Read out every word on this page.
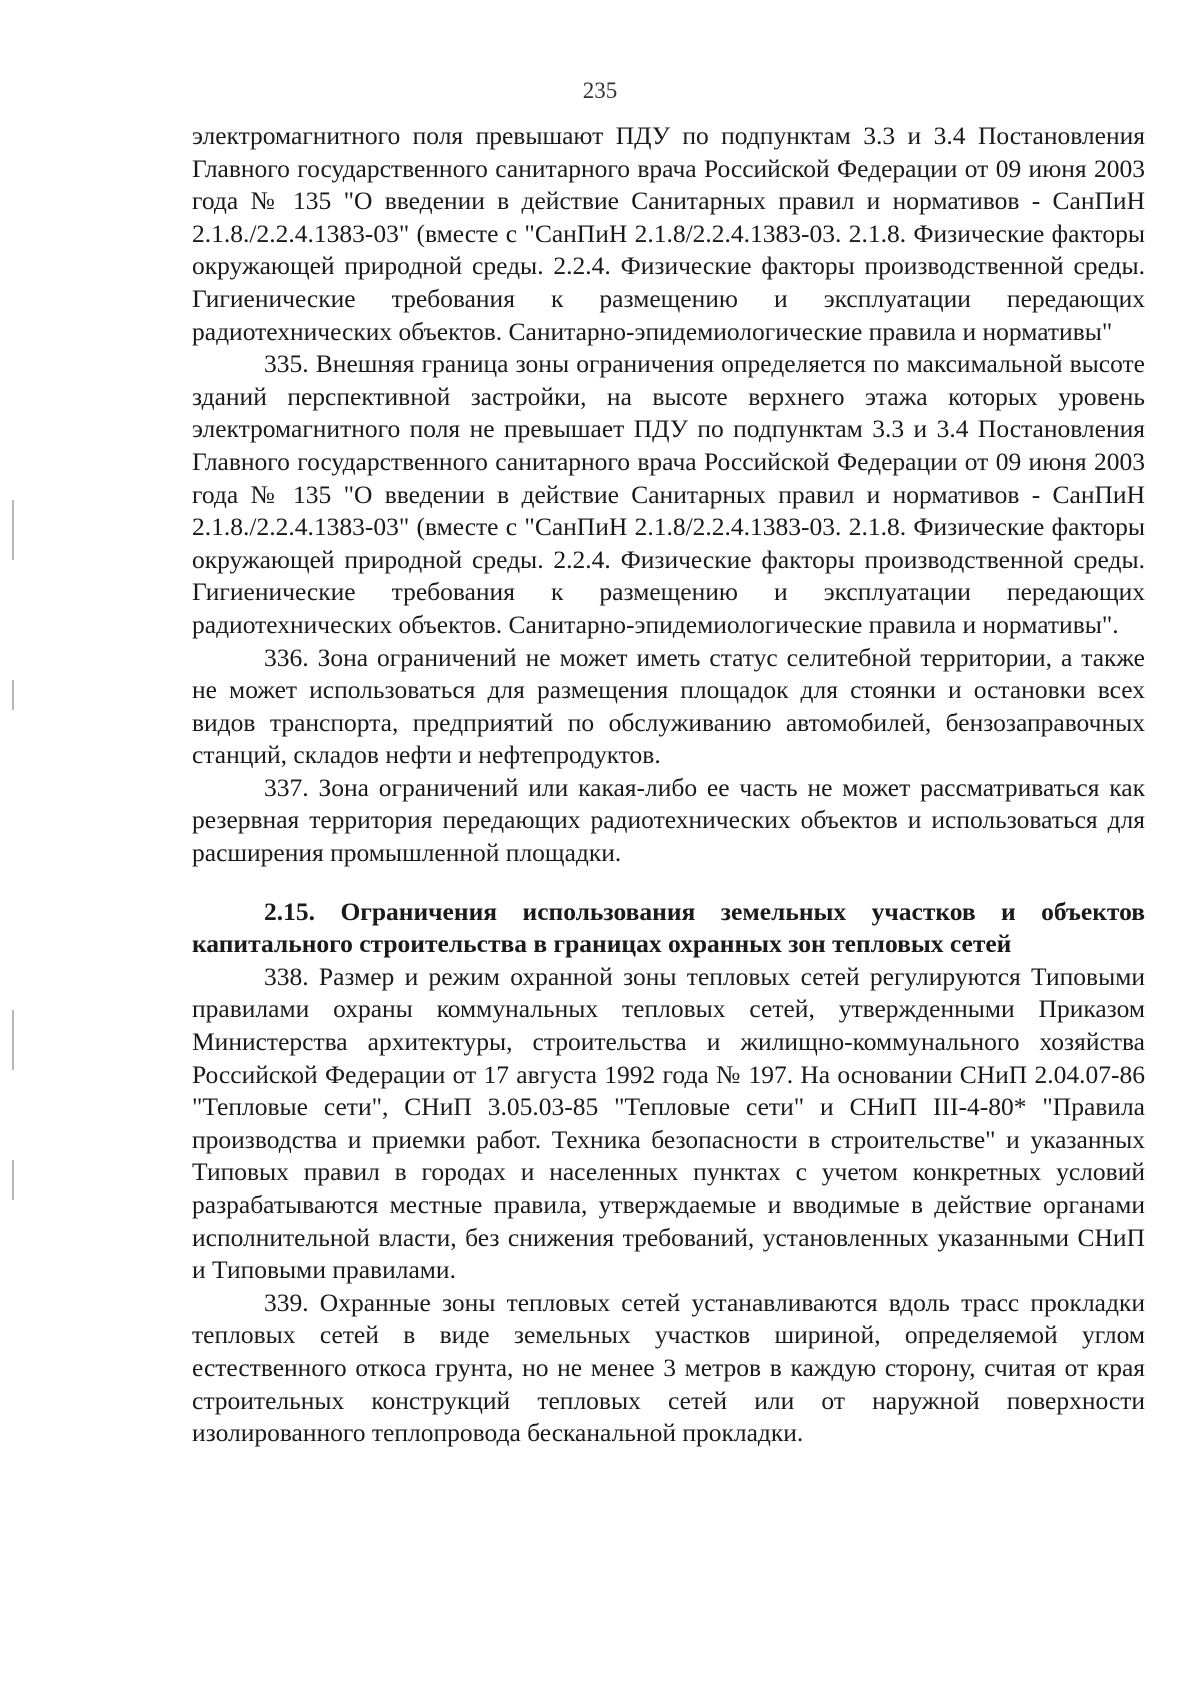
235

электромагнитного поля превышают ПДУ по подпунктам 3.3 и 3.4 Постановления Главного государственного санитарного врача Российской Федерации от 09 июня 2003 года № 135 "О введении в действие Санитарных правил и нормативов - СанПиН 2.1.8./2.2.4.1383-03" (вместе с "СанПиН 2.1.8/2.2.4.1383-03. 2.1.8. Физические факторы окружающей природной среды. 2.2.4. Физические факторы производственной среды. Гигиенические требования к размещению и эксплуатации передающих радиотехнических объектов. Санитарно-эпидемиологические правила и нормативы"

335. Внешняя граница зоны ограничения определяется по максимальной высоте зданий перспективной застройки, на высоте верхнего этажа которых уровень электромагнитного поля не превышает ПДУ по подпунктам 3.3 и 3.4 Постановления Главного государственного санитарного врача Российской Федерации от 09 июня 2003 года № 135 "О введении в действие Санитарных правил и нормативов - СанПиН 2.1.8./2.2.4.1383-03" (вместе с "СанПиН 2.1.8/2.2.4.1383-03. 2.1.8. Физические факторы окружающей природной среды. 2.2.4. Физические факторы производственной среды. Гигиенические требования к размещению и эксплуатации передающих радиотехнических объектов. Санитарно-эпидемиологические правила и нормативы".

336. Зона ограничений не может иметь статус селитебной территории, а также не может использоваться для размещения площадок для стоянки и остановки всех видов транспорта, предприятий по обслуживанию автомобилей, бензозаправочных станций, складов нефти и нефтепродуктов.

337. Зона ограничений или какая-либо ее часть не может рассматриваться как резервная территория передающих радиотехнических объектов и использоваться для расширения промышленной площадки.

2.15. Ограничения использования земельных участков и объектов капитального строительства в границах охранных зон тепловых сетей

338. Размер и режим охранной зоны тепловых сетей регулируются Типовыми правилами охраны коммунальных тепловых сетей, утвержденными Приказом Министерства архитектуры, строительства и жилищно-коммунального хозяйства Российской Федерации от 17 августа 1992 года № 197. На основании СНиП 2.04.07-86 "Тепловые сети", СНиП 3.05.03-85 "Тепловые сети" и СНиП III-4-80* "Правила производства и приемки работ. Техника безопасности в строительстве" и указанных Типовых правил в городах и населенных пунктах с учетом конкретных условий разрабатываются местные правила, утверждаемые и вводимые в действие органами исполнительной власти, без снижения требований, установленных указанными СНиП и Типовыми правилами.

339. Охранные зоны тепловых сетей устанавливаются вдоль трасс прокладки тепловых сетей в виде земельных участков шириной, определяемой углом естественного откоса грунта, но не менее 3 метров в каждую сторону, считая от края строительных конструкций тепловых сетей или от наружной поверхности изолированного теплопровода бесканальной прокладки.
